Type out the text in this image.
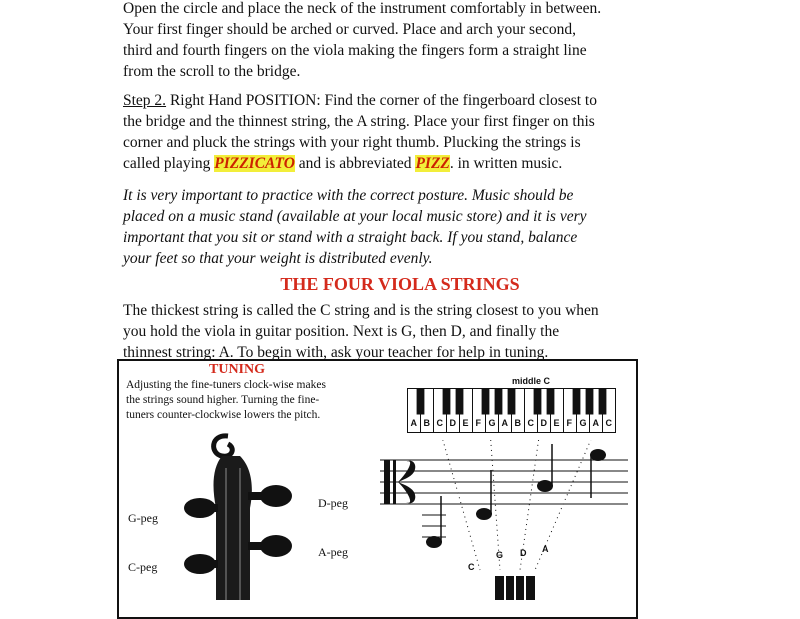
Open the circle and place the neck of the instrument comfortably in between.
Your first finger should be arched or curved. Place and arch your second,
third and fourth fingers on the viola making the fingers form a straight line
from the scroll to the bridge.
Step 2. Right Hand POSITION: Find the corner of the fingerboard closest to
the bridge and the thinnest string, the A string. Place your first finger on this
corner and pluck the strings with your right thumb. Plucking the strings is
called playing PIZZICATO and is abbreviated PIZZ. in written music.
It is very important to practice with the correct posture. Music should be
placed on a music stand (available at your local music store) and it is very
important that you sit or stand with a straight back. If you stand, balance
your feet so that your weight is distributed evenly.
THE FOUR VIOLA STRINGS
The thickest string is called the C string and is the string closest to you when
you hold the viola in guitar position. Next is G, then D, and finally the
thinnest string: A. To begin with, ask your teacher for help in tuning.
TUNING
Adjusting the fine-tuners clock-wise makes
the strings sound higher. Turning the fine-
tuners counter-clockwise lowers the pitch.
G-peg
C-peg
D-peg
A-peg
middle C
A B C D E F G A B C D E F G A C
C
G D A
